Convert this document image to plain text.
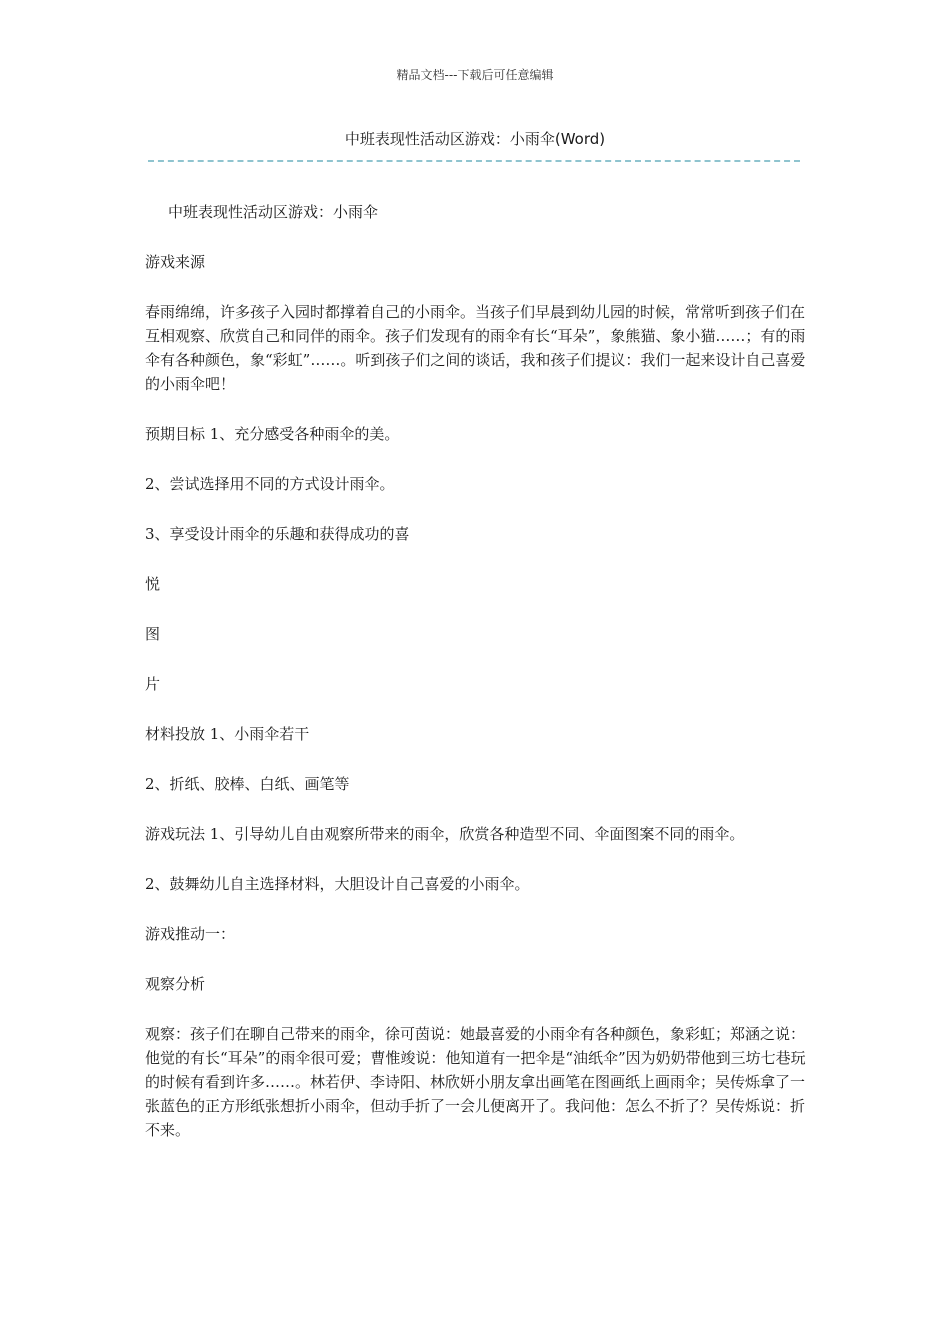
精品文档---下载后可任意编辑
中班表现性活动区游戏：小雨伞(Word)

中班表现性活动区游戏：小雨伞

游戏来源

春雨绵绵，许多孩子入园时都撑着自己的小雨伞。当孩子们早晨到幼儿园的时候，常常听到孩子们在互相观察、欣赏自己和同伴的雨伞。孩子们发现有的雨伞有长“耳朵”，象熊猫、象小猫……；有的雨伞有各种颜色，象“彩虹”……。听到孩子们之间的谈话，我和孩子们提议：我们一起来设计自己喜爱的小雨伞吧！

预期目标 1、充分感受各种雨伞的美。

2、尝试选择用不同的方式设计雨伞。

3、享受设计雨伞的乐趣和获得成功的喜

悦

图

片

材料投放 1、小雨伞若干

2、折纸、胶棒、白纸、画笔等

游戏玩法 1、引导幼儿自由观察所带来的雨伞，欣赏各种造型不同、伞面图案不同的雨伞。

2、鼓舞幼儿自主选择材料，大胆设计自己喜爱的小雨伞。

游戏推动一：

观察分析

观察：孩子们在聊自己带来的雨伞，徐可茵说：她最喜爱的小雨伞有各种颜色，象彩虹；郑涵之说：他觉的有长“耳朵”的雨伞很可爱；曹惟竣说：他知道有一把伞是“油纸伞”因为奶奶带他到三坊七巷玩的时候有看到许多……。林若伊、李诗阳、林欣妍小朋友拿出画笔在图画纸上画雨伞；吴传烁拿了一张蓝色的正方形纸张想折小雨伞，但动手折了一会儿便离开了。我问他：怎么不折了？吴传烁说：折不来。
